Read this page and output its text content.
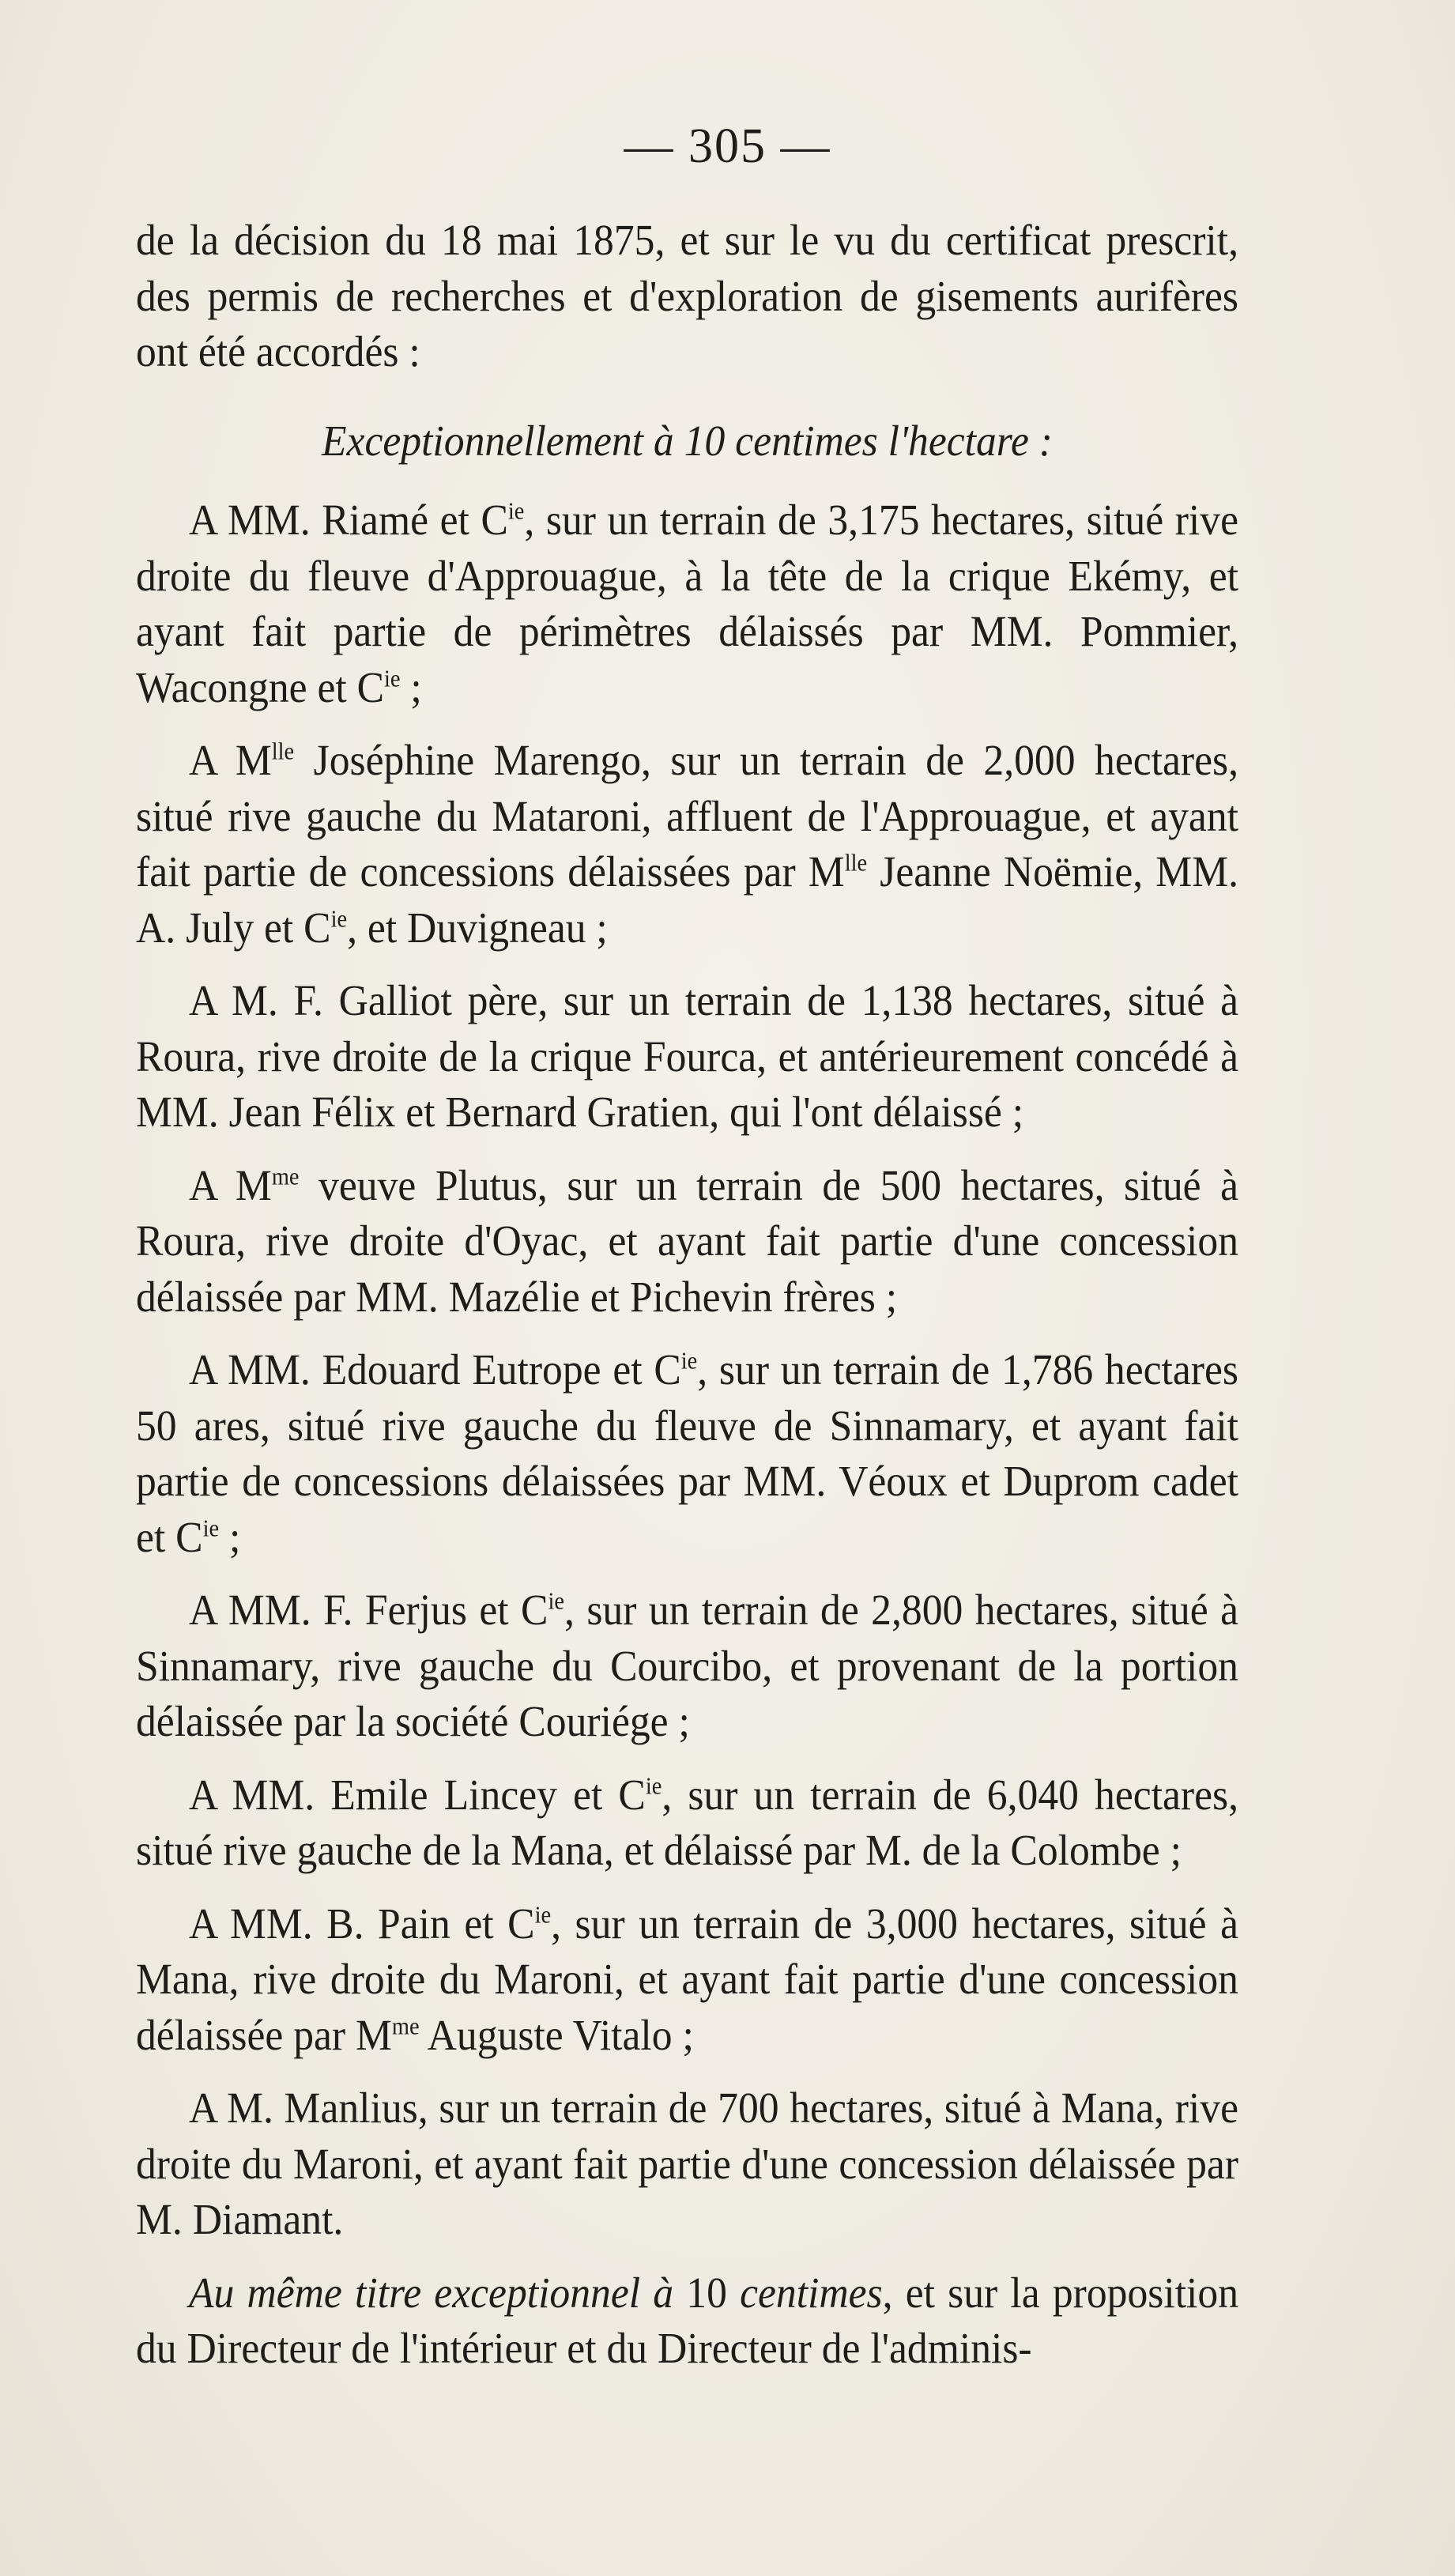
— 305 —

de la décision du 18 mai 1875, et sur le vu du certificat prescrit, des permis de recherches et d'exploration de gisements aurifères ont été accordés :

Exceptionnellement à 10 centimes l'hectare :

A MM. Riamé et $C^{ie}$, sur un terrain de 3,175 hectares, situé rive droite du fleuve d'Approuague, à la tête de la crique Ekémy, et ayant fait partie de périmètres délaissés par MM. Pommier, Wacongne et $C^{ie}$ ;

A $M^{lle}$ Joséphine Marengo, sur un terrain de 2,000 hectares, situé rive gauche du Mataroni, affluent de l'Approuague, et ayant fait partie de concessions délaissées par $M^{lle}$ Jeanne Noëmie, MM. A. July et $C^{ie}$, et Duvigneau ;

A M. F. Galliot père, sur un terrain de 1,138 hectares, situé à Roura, rive droite de la crique Fourca, et antérieurement concédé à MM. Jean Félix et Bernard Gratien, qui l'ont délaissé ;

A $M^{me}$ veuve Plutus, sur un terrain de 500 hectares, situé à Roura, rive droite d'Oyac, et ayant fait partie d'une concession délaissée par MM. Mazélie et Pichevin frères ;

A MM. Edouard Eutrope et $C^{ie}$, sur un terrain de 1,786 hectares 50 ares, situé rive gauche du fleuve de Sinnamary, et ayant fait partie de concessions délaissées par MM. Véoux et Duprom cadet et $C^{ie}$ ;

A MM. F. Ferjus et $C^{ie}$, sur un terrain de 2,800 hectares, situé à Sinnamary, rive gauche du Courcibo, et provenant de la portion délaissée par la société Couriége ;

A MM. Emile Lincey et $C^{ie}$, sur un terrain de 6,040 hectares, situé rive gauche de la Mana, et délaissé par M. de la Colombe ;

A MM. B. Pain et $C^{ie}$, sur un terrain de 3,000 hectares, situé à Mana, rive droite du Maroni, et ayant fait partie d'une concession délaissée par $M^{me}$ Auguste Vitalo ;

A M. Manlius, sur un terrain de 700 hectares, situé à Mana, rive droite du Maroni, et ayant fait partie d'une concession délaissée par M. Diamant.

Au même titre exceptionnel à 10 centimes, et sur la proposition du Directeur de l'intérieur et du Directeur de l'adminis-
